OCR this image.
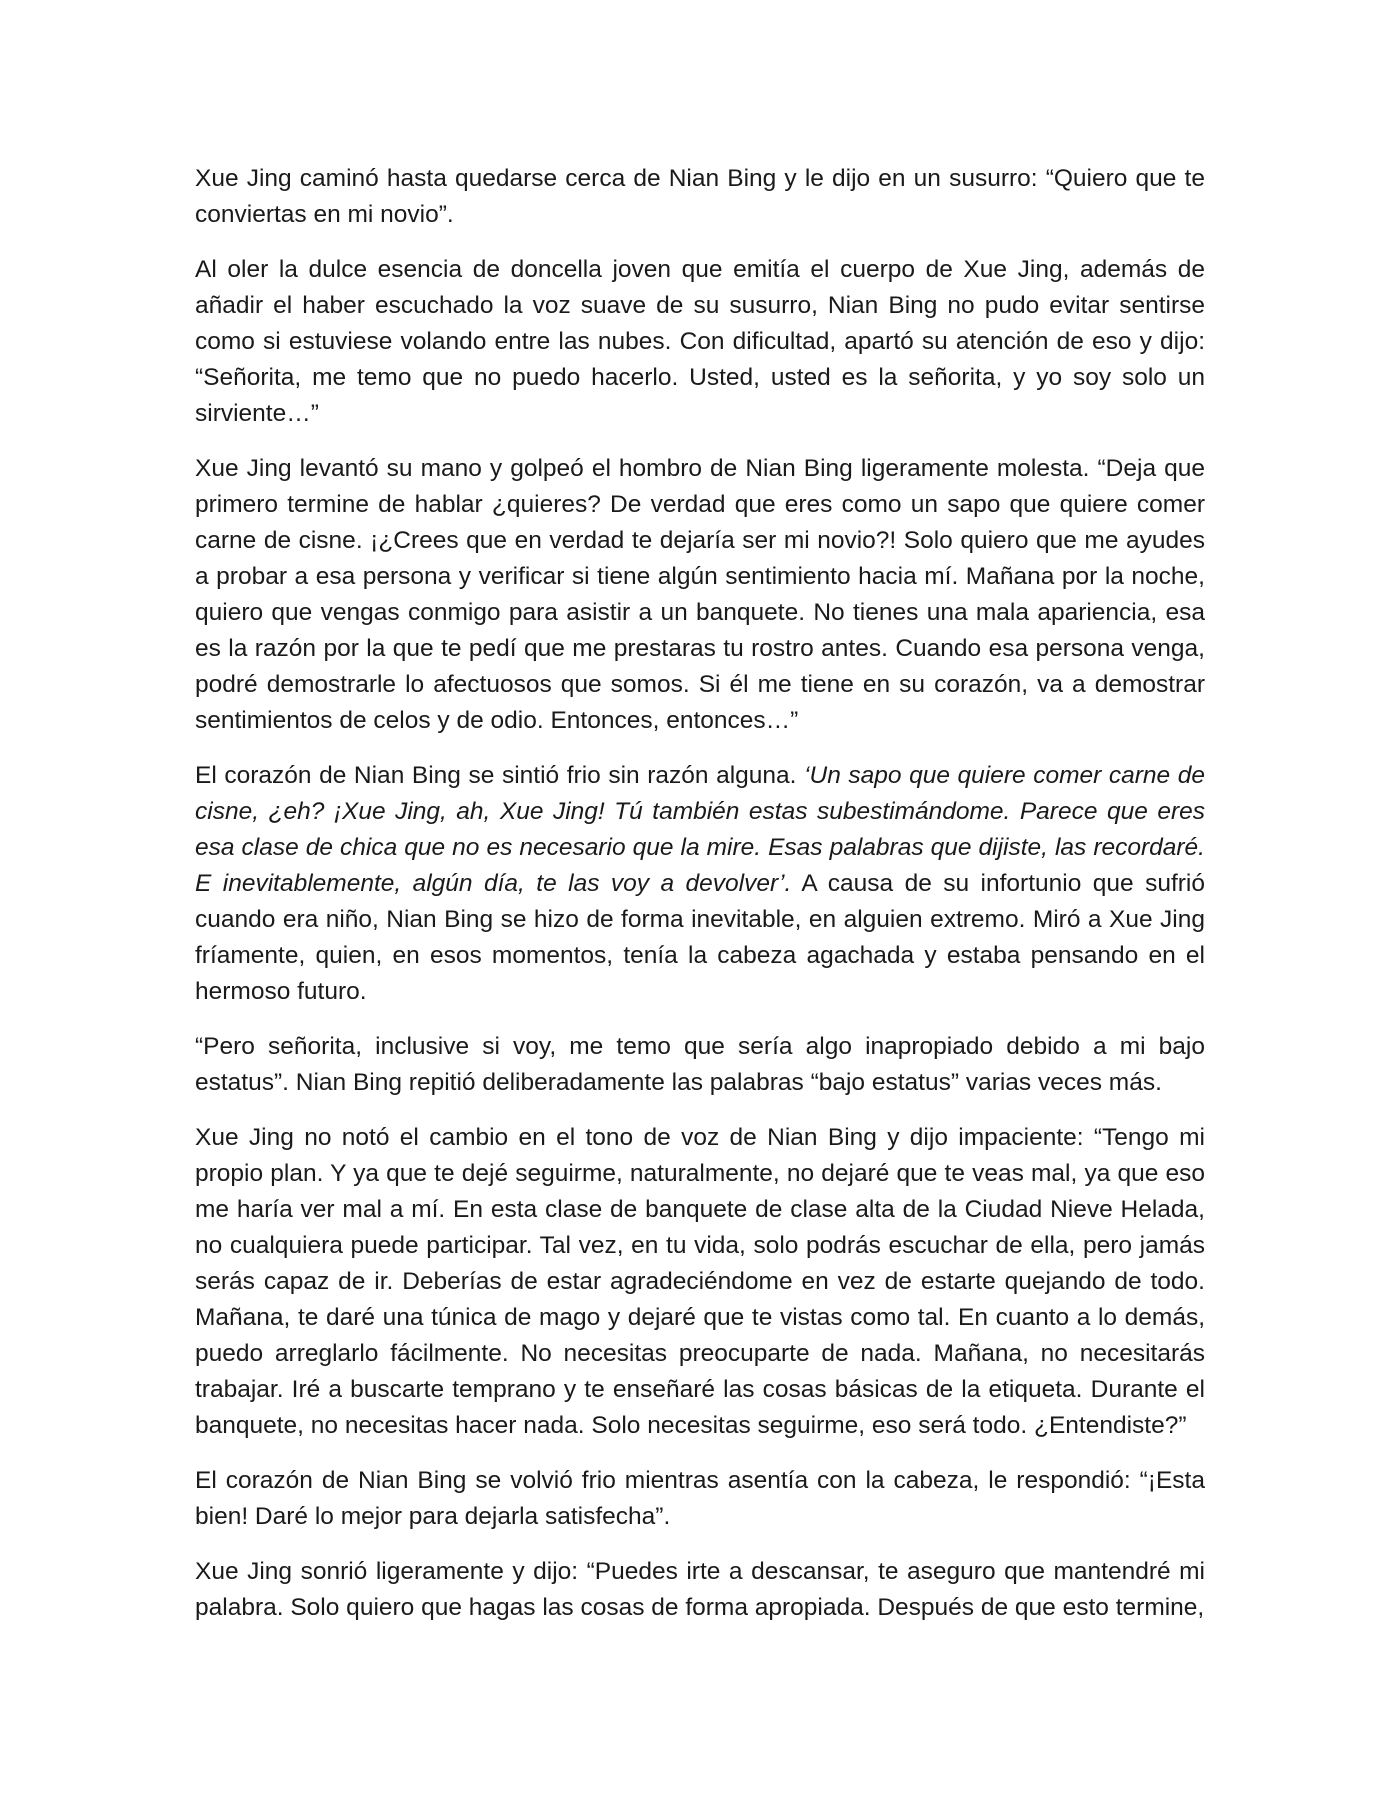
Xue Jing caminó hasta quedarse cerca de Nian Bing y le dijo en un susurro: “Quiero que te conviertas en mi novio”.

Al oler la dulce esencia de doncella joven que emitía el cuerpo de Xue Jing, además de añadir el haber escuchado la voz suave de su susurro, Nian Bing no pudo evitar sentirse como si estuviese volando entre las nubes. Con dificultad, apartó su atención de eso y dijo: “Señorita, me temo que no puedo hacerlo. Usted, usted es la señorita, y yo soy solo un sirviente…”

Xue Jing levantó su mano y golpeó el hombro de Nian Bing ligeramente molesta. “Deja que primero termine de hablar ¿quieres? De verdad que eres como un sapo que quiere comer carne de cisne. ¡¿Crees que en verdad te dejaría ser mi novio?! Solo quiero que me ayudes a probar a esa persona y verificar si tiene algún sentimiento hacia mí. Mañana por la noche, quiero que vengas conmigo para asistir a un banquete. No tienes una mala apariencia, esa es la razón por la que te pedí que me prestaras tu rostro antes. Cuando esa persona venga, podré demostrarle lo afectuosos que somos. Si él me tiene en su corazón, va a demostrar sentimientos de celos y de odio. Entonces, entonces…”

El corazón de Nian Bing se sintió frio sin razón alguna. ‘Un sapo que quiere comer carne de cisne, ¿eh? ¡Xue Jing, ah, Xue Jing! Tú también estas subestimándome. Parece que eres esa clase de chica que no es necesario que la mire. Esas palabras que dijiste, las recordaré. E inevitablemente, algún día, te las voy a devolver’. A causa de su infortunio que sufrió cuando era niño, Nian Bing se hizo de forma inevitable, en alguien extremo. Miró a Xue Jing fríamente, quien, en esos momentos, tenía la cabeza agachada y estaba pensando en el hermoso futuro.

“Pero señorita, inclusive si voy, me temo que sería algo inapropiado debido a mi bajo estatus”. Nian Bing repitió deliberadamente las palabras “bajo estatus” varias veces más.

Xue Jing no notó el cambio en el tono de voz de Nian Bing y dijo impaciente: “Tengo mi propio plan. Y ya que te dejé seguirme, naturalmente, no dejaré que te veas mal, ya que eso me haría ver mal a mí. En esta clase de banquete de clase alta de la Ciudad Nieve Helada, no cualquiera puede participar. Tal vez, en tu vida, solo podrás escuchar de ella, pero jamás serás capaz de ir. Deberías de estar agradeciéndome en vez de estarte quejando de todo. Mañana, te daré una túnica de mago y dejaré que te vistas como tal. En cuanto a lo demás, puedo arreglarlo fácilmente. No necesitas preocuparte de nada. Mañana, no necesitarás trabajar. Iré a buscarte temprano y te enseñaré las cosas básicas de la etiqueta. Durante el banquete, no necesitas hacer nada. Solo necesitas seguirme, eso será todo. ¿Entendiste?”

El corazón de Nian Bing se volvió frio mientras asentía con la cabeza, le respondió: “¡Esta bien! Daré lo mejor para dejarla satisfecha”.

Xue Jing sonrió ligeramente y dijo: “Puedes irte a descansar, te aseguro que mantendré mi palabra. Solo quiero que hagas las cosas de forma apropiada. Después de que esto termine,
